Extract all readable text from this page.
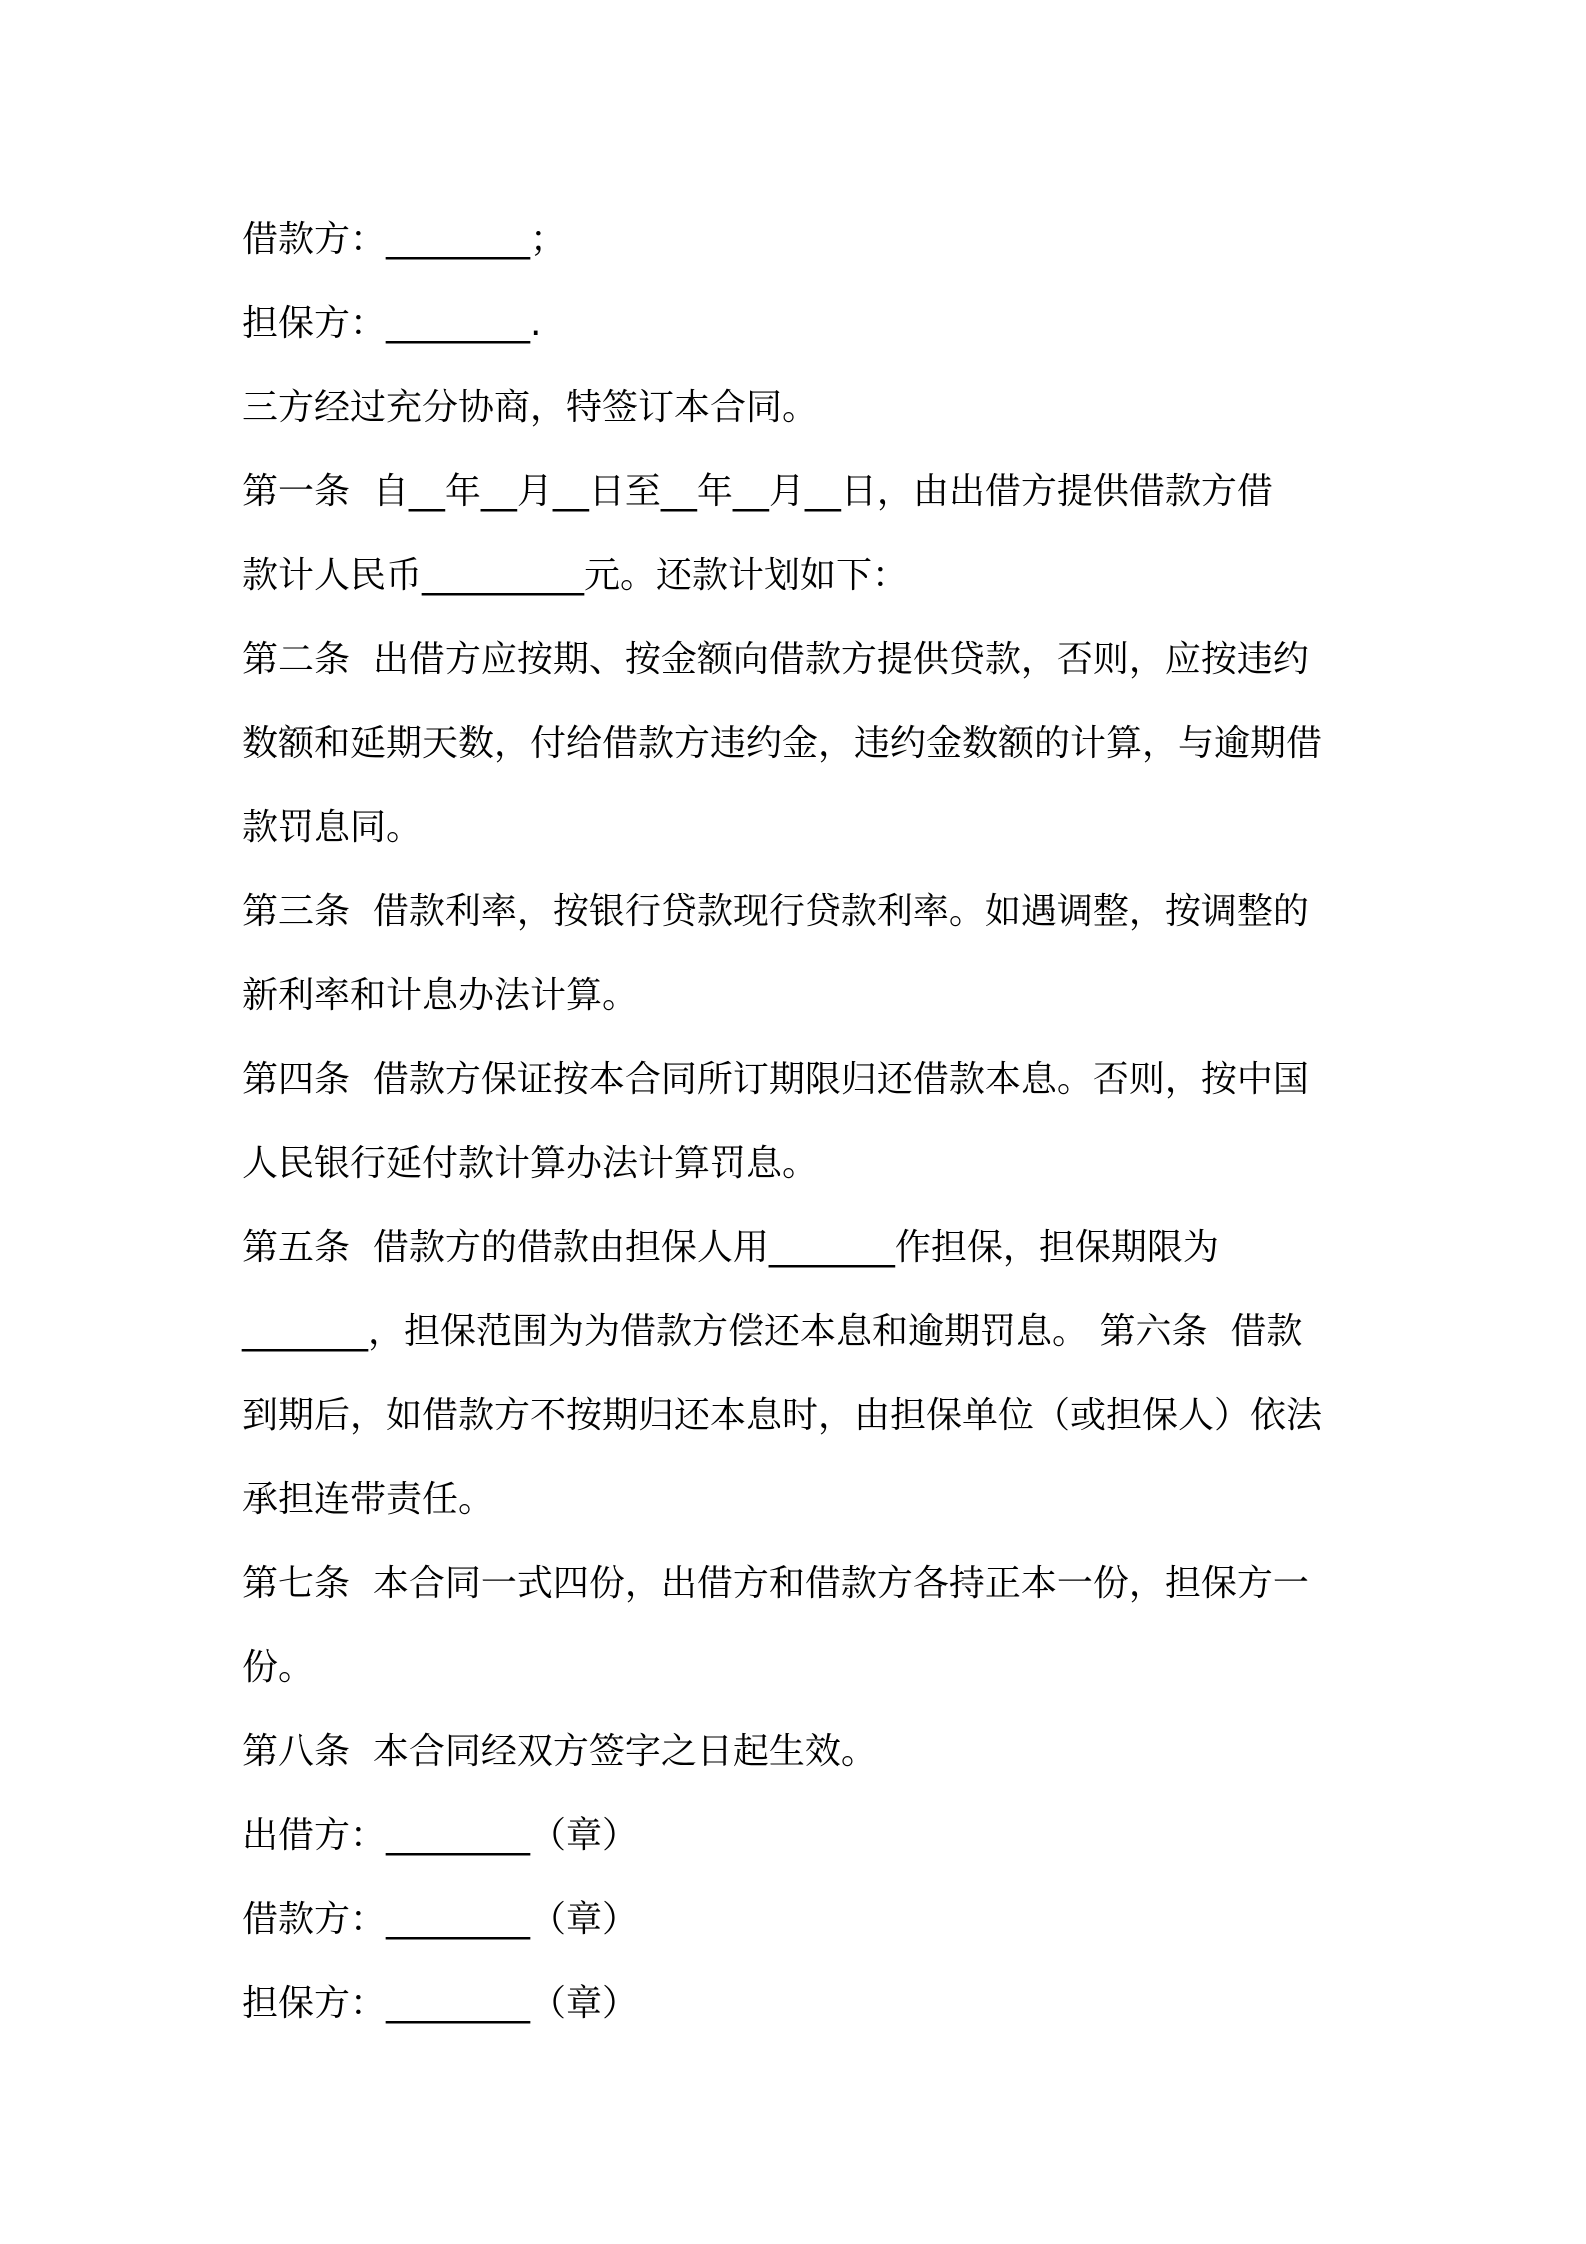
借款方：________；
担保方：________.
三方经过充分协商，特签订本合同。
第一条  自__年__月__日至__年__月__日，由出借方提供借款方借
款计人民币_________元。还款计划如下：
第二条  出借方应按期、按金额向借款方提供贷款，否则，应按违约
数额和延期天数，付给借款方违约金，违约金数额的计算，与逾期借
款罚息同。
第三条  借款利率，按银行贷款现行贷款利率。如遇调整，按调整的
新利率和计息办法计算。
第四条  借款方保证按本合同所订期限归还借款本息。否则，按中国
人民银行延付款计算办法计算罚息。
第五条  借款方的借款由担保人用_______作担保，担保期限为
_______，担保范围为为借款方偿还本息和逾期罚息。 第六条  借款
到期后，如借款方不按期归还本息时，由担保单位（或担保人）依法
承担连带责任。
第七条  本合同一式四份，出借方和借款方各持正本一份，担保方一
份。
第八条  本合同经双方签字之日起生效。
出借方：________（章）
借款方：________（章）
担保方：________（章）
